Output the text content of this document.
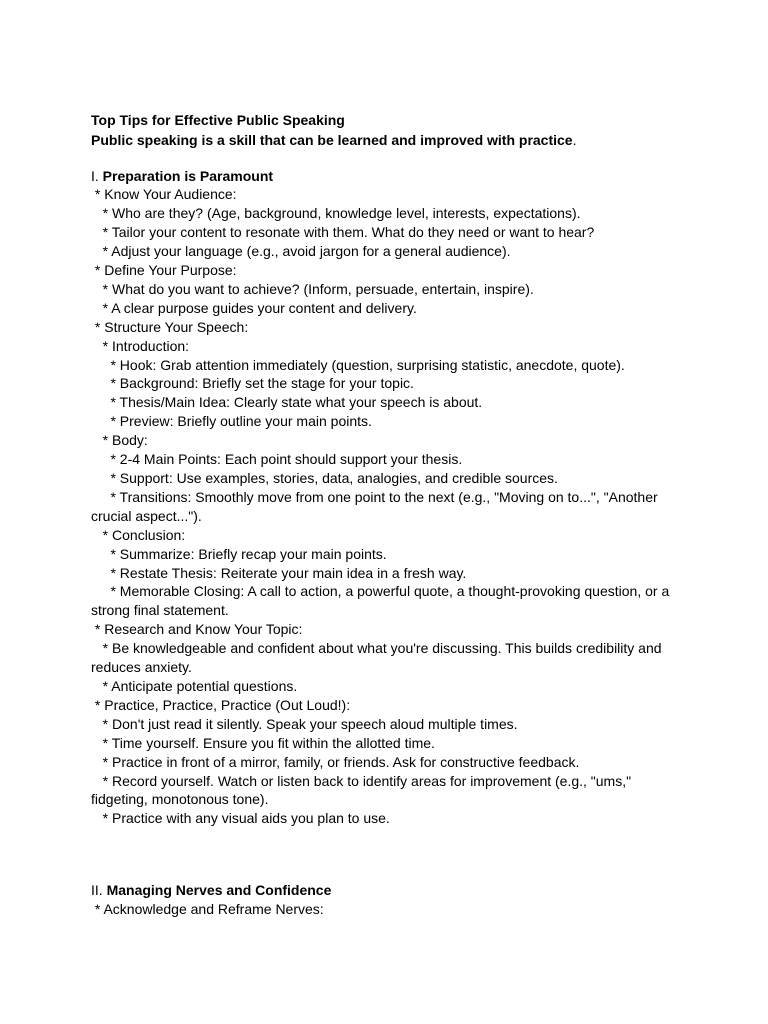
Top Tips for Effective Public Speaking
Public speaking is a skill that can be learned and improved with practice.
I. Preparation is Paramount
* Know Your Audience:
* Who are they? (Age, background, knowledge level, interests, expectations).
* Tailor your content to resonate with them. What do they need or want to hear?
* Adjust your language (e.g., avoid jargon for a general audience).
* Define Your Purpose:
* What do you want to achieve? (Inform, persuade, entertain, inspire).
* A clear purpose guides your content and delivery.
* Structure Your Speech:
* Introduction:
* Hook: Grab attention immediately (question, surprising statistic, anecdote, quote).
* Background: Briefly set the stage for your topic.
* Thesis/Main Idea: Clearly state what your speech is about.
* Preview: Briefly outline your main points.
* Body:
* 2-4 Main Points: Each point should support your thesis.
* Support: Use examples, stories, data, analogies, and credible sources.
* Transitions: Smoothly move from one point to the next (e.g., "Moving on to...", "Another
crucial aspect...").
* Conclusion:
* Summarize: Briefly recap your main points.
* Restate Thesis: Reiterate your main idea in a fresh way.
* Memorable Closing: A call to action, a powerful quote, a thought-provoking question, or a
strong final statement.
* Research and Know Your Topic:
* Be knowledgeable and confident about what you're discussing. This builds credibility and
reduces anxiety.
* Anticipate potential questions.
* Practice, Practice, Practice (Out Loud!):
* Don't just read it silently. Speak your speech aloud multiple times.
* Time yourself. Ensure you fit within the allotted time.
* Practice in front of a mirror, family, or friends. Ask for constructive feedback.
* Record yourself. Watch or listen back to identify areas for improvement (e.g., "ums,"
fidgeting, monotonous tone).
* Practice with any visual aids you plan to use.
II. Managing Nerves and Confidence
* Acknowledge and Reframe Nerves:
